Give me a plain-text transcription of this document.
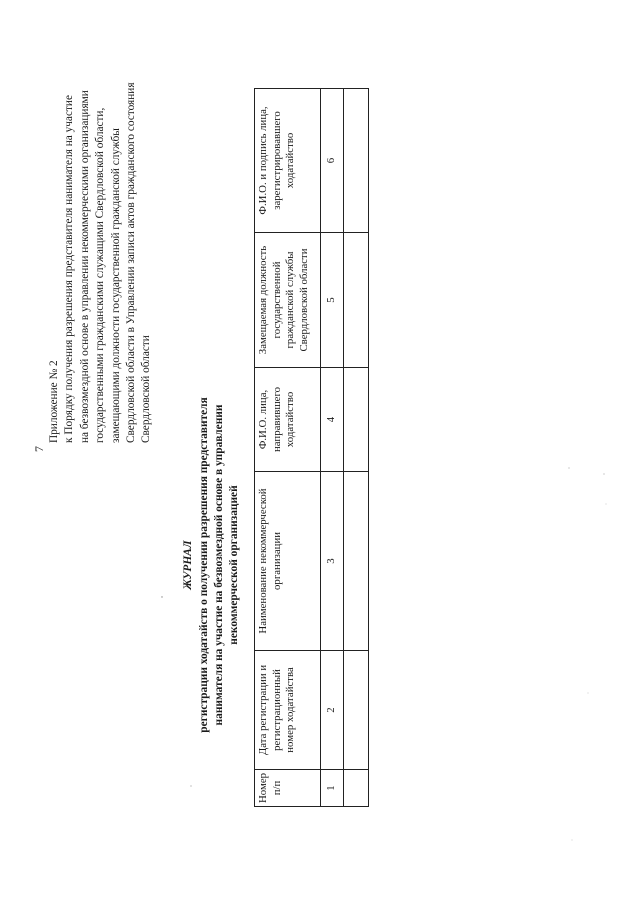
7
Приложение № 2 к Порядку получения разрешения представителя нанимателя на участие на безвозмездной основе в управлении некоммерческими организациями государственными гражданскими служащими Свердловской области, замещающими должности государственной гражданской службы Свердловской области в Управлении записи актов гражданского состояния Свердловской области
ЖУРНАЛ регистрации ходатайств о получении разрешения представителя нанимателя на участие на безвозмездной основе в управлении некоммерческой организацией
Номер п/п	Дата регистрации и регистрационный номер ходатайства	Наименование некоммерческой организации	Ф.И.О. лица, направившего ходатайство	Замещаемая должность государственной гражданской службы Свердловской области	Ф.И.О. и подпись лица, зарегистрировавшего ходатайство
1	2	3	4	5	6
